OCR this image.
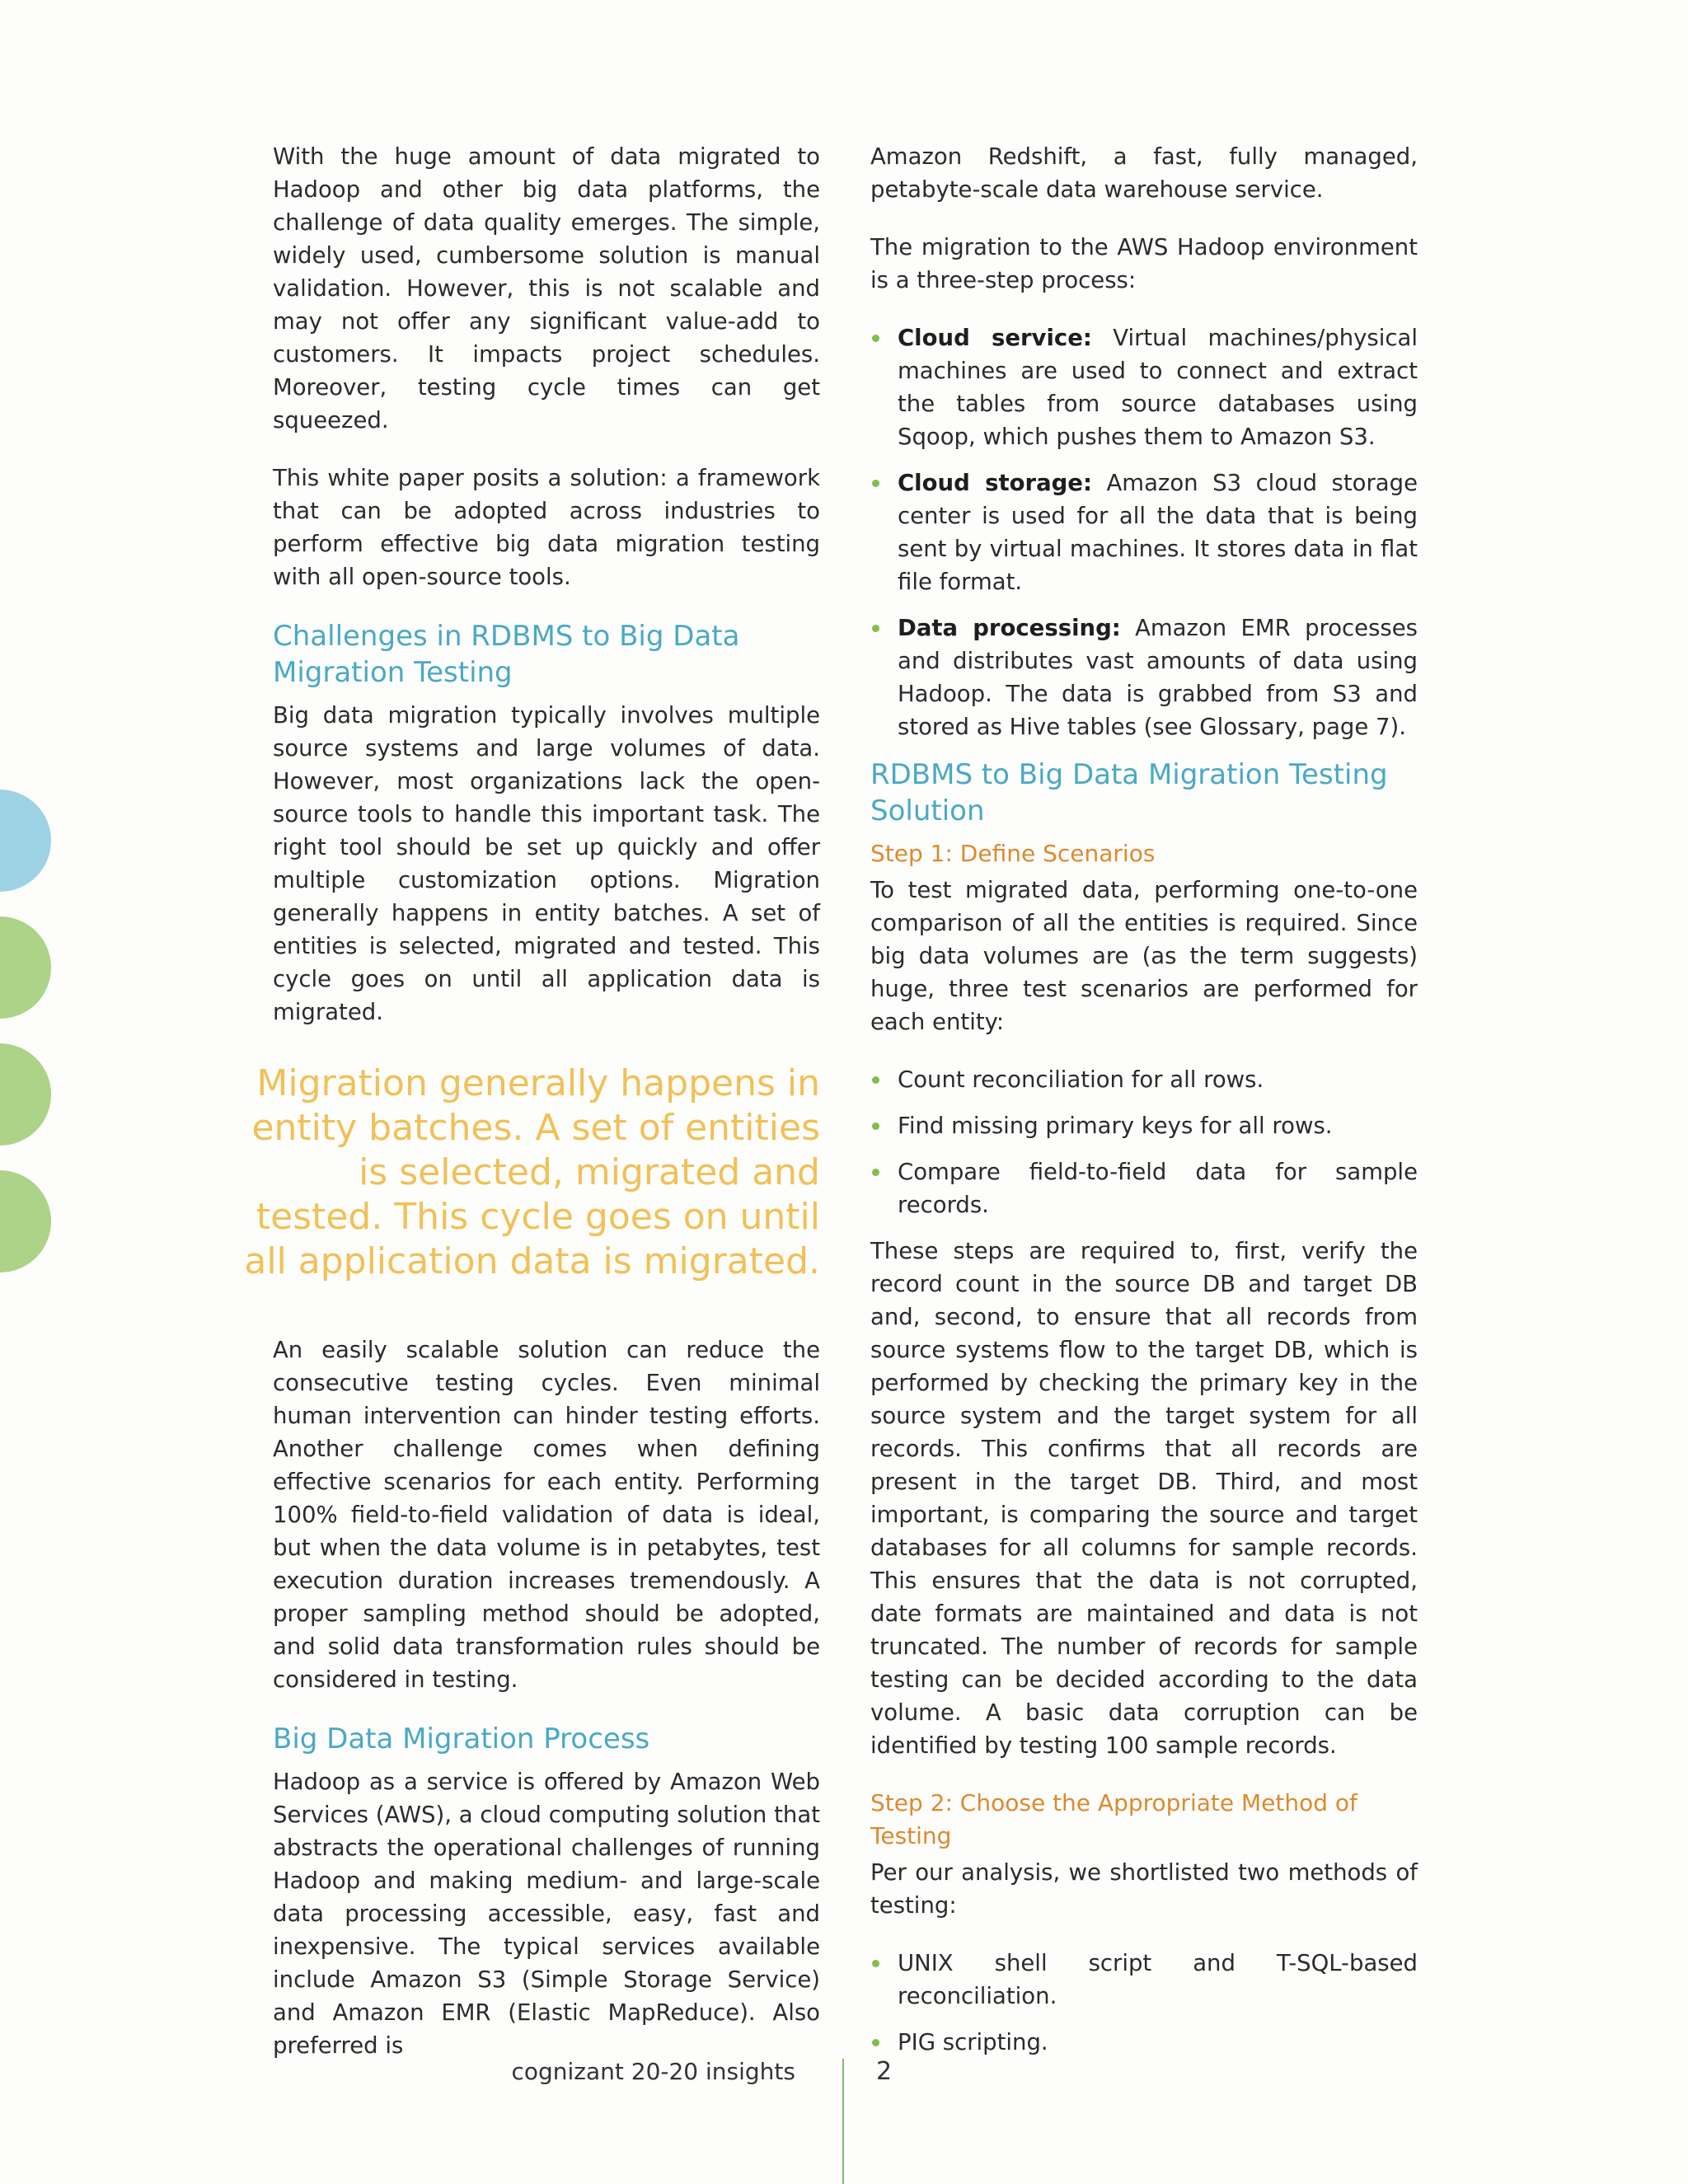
With the huge amount of data migrated to Hadoop and other big data platforms, the challenge of data quality emerges. The simple, widely used, cumbersome solution is manual validation. However, this is not scalable and may not offer any significant value-add to customers. It impacts project schedules. Moreover, testing cycle times can get squeezed.

This white paper posits a solution: a framework that can be adopted across industries to perform effective big data migration testing with all open-source tools.

Challenges in RDBMS to Big Data Migration Testing

Big data migration typically involves multiple source systems and large volumes of data. However, most organizations lack the open-source tools to handle this important task. The right tool should be set up quickly and offer multiple customization options. Migration generally happens in entity batches. A set of entities is selected, migrated and tested. This cycle goes on until all application data is migrated.

Migration generally happens in entity batches. A set of entities is selected, migrated and tested. This cycle goes on until all application data is migrated.

An easily scalable solution can reduce the consecutive testing cycles. Even minimal human intervention can hinder testing efforts. Another challenge comes when defining effective scenarios for each entity. Performing 100% field-to-field validation of data is ideal, but when the data volume is in petabytes, test execution duration increases tremendously. A proper sampling method should be adopted, and solid data transformation rules should be considered in testing.

Big Data Migration Process

Hadoop as a service is offered by Amazon Web Services (AWS), a cloud computing solution that abstracts the operational challenges of running Hadoop and making medium- and large-scale data processing accessible, easy, fast and inexpensive. The typical services available include Amazon S3 (Simple Storage Service) and Amazon EMR (Elastic MapReduce). Also preferred is

Amazon Redshift, a fast, fully managed, petabyte-scale data warehouse service.

The migration to the AWS Hadoop environment is a three-step process:

Cloud service: Virtual machines/physical machines are used to connect and extract the tables from source databases using Sqoop, which pushes them to Amazon S3.
Cloud storage: Amazon S3 cloud storage center is used for all the data that is being sent by virtual machines. It stores data in flat file format.
Data processing: Amazon EMR processes and distributes vast amounts of data using Hadoop. The data is grabbed from S3 and stored as Hive tables (see Glossary, page 7).
RDBMS to Big Data Migration Testing Solution
Step 1: Define Scenarios

To test migrated data, performing one-to-one comparison of all the entities is required. Since big data volumes are (as the term suggests) huge, three test scenarios are performed for each entity:

Count reconciliation for all rows.
Find missing primary keys for all rows.
Compare field-to-field data for sample records.

These steps are required to, first, verify the record count in the source DB and target DB and, second, to ensure that all records from source systems flow to the target DB, which is performed by checking the primary key in the source system and the target system for all records. This confirms that all records are present in the target DB. Third, and most important, is comparing the source and target databases for all columns for sample records. This ensures that the data is not corrupted, date formats are maintained and data is not truncated. The number of records for sample testing can be decided according to the data volume. A basic data corruption can be identified by testing 100 sample records.

Step 2: Choose the Appropriate Method of Testing

Per our analysis, we shortlisted two methods of testing:

UNIX shell script and T-SQL-based reconciliation.
PIG scripting.
cognizant 20-20 insights	2
